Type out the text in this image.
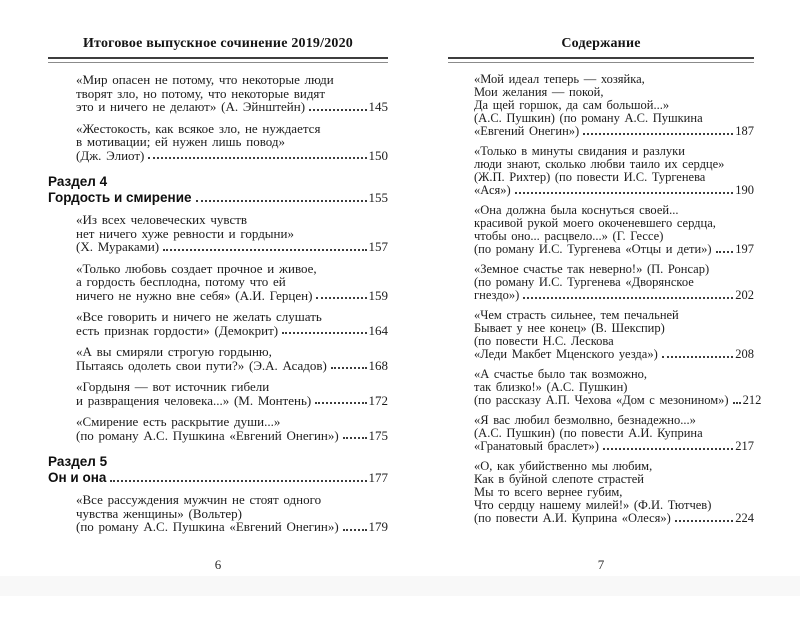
Итоговое выпускное сочинение 2019/2020
«Мир опасен не потому, что некоторые люди
творят зло, но потому, что некоторые видят
это и ничего не делают» (А. Эйнштейн)	145
«Жестокость, как всякое зло, не нуждается
в мотивации; ей нужен лишь повод»
(Дж. Элиот)	150
Раздел 4
Гордость и смирение	155
«Из всех человеческих чувств
нет ничего хуже ревности и гордыни»
(Х. Мураками)	157
«Только любовь создает прочное и живое,
а гордость бесплодна, потому что ей
ничего не нужно вне себя» (А.И. Герцен)	159
«Все говорить и ничего не желать слушать
есть признак гордости» (Демокрит)	164
«А вы смиряли строгую гордыню,
Пытаясь одолеть свои пути?» (Э.А. Асадов)	168
«Гордыня — вот источник гибели
и развращения человека...» (М. Монтень)	172
«Смирение есть раскрытие души...»
(по роману А.С. Пушкина «Евгений Онегин») 175
Раздел 5
Он и она	177
«Все рассуждения мужчин не стоят одного
чувства женщины» (Вольтер)
(по роману А.С. Пушкина «Евгений Онегин») 179
Содержание
«Мой идеал теперь — хозяйка,
Мои желания — покой,
Да щей горшок, да сам большой...»
(А.С. Пушкин) (по роману А.С. Пушкина
«Евгений Онегин»)	187
«Только в минуты свидания и разлуки
люди знают, сколько любви таило их сердце»
(Ж.П. Рихтер) (по повести И.С. Тургенева
«Ася»)	190
«Она должна была коснуться своей...
красивой рукой моего окоченевшего сердца,
чтобы оно... расцвело...» (Г. Гессе)
(по роману И.С. Тургенева «Отцы и дети») 197
«Земное счастье так неверно!» (П. Ронсар)
(по роману И.С. Тургенева «Дворянское
гнездо»)	202
«Чем страсть сильнее, тем печальней
Бывает у нее конец» (В. Шекспир)
(по повести Н.С. Лескова
«Леди Макбет Мценского уезда»)	208
«А счастье было так возможно,
так близко!» (А.С. Пушкин)
(по рассказу А.П. Чехова «Дом с мезонином») 212
«Я вас любил безмолвно, безнадежно...»
(А.С. Пушкин) (по повести А.И. Куприна
«Гранатовый браслет»)	217
«О, как убийственно мы любим,
Как в буйной слепоте страстей
Мы то всего вернее губим,
Что сердцу нашему милей!» (Ф.И. Тютчев)
(по повести А.И. Куприна «Олеся»)	224
6	7
